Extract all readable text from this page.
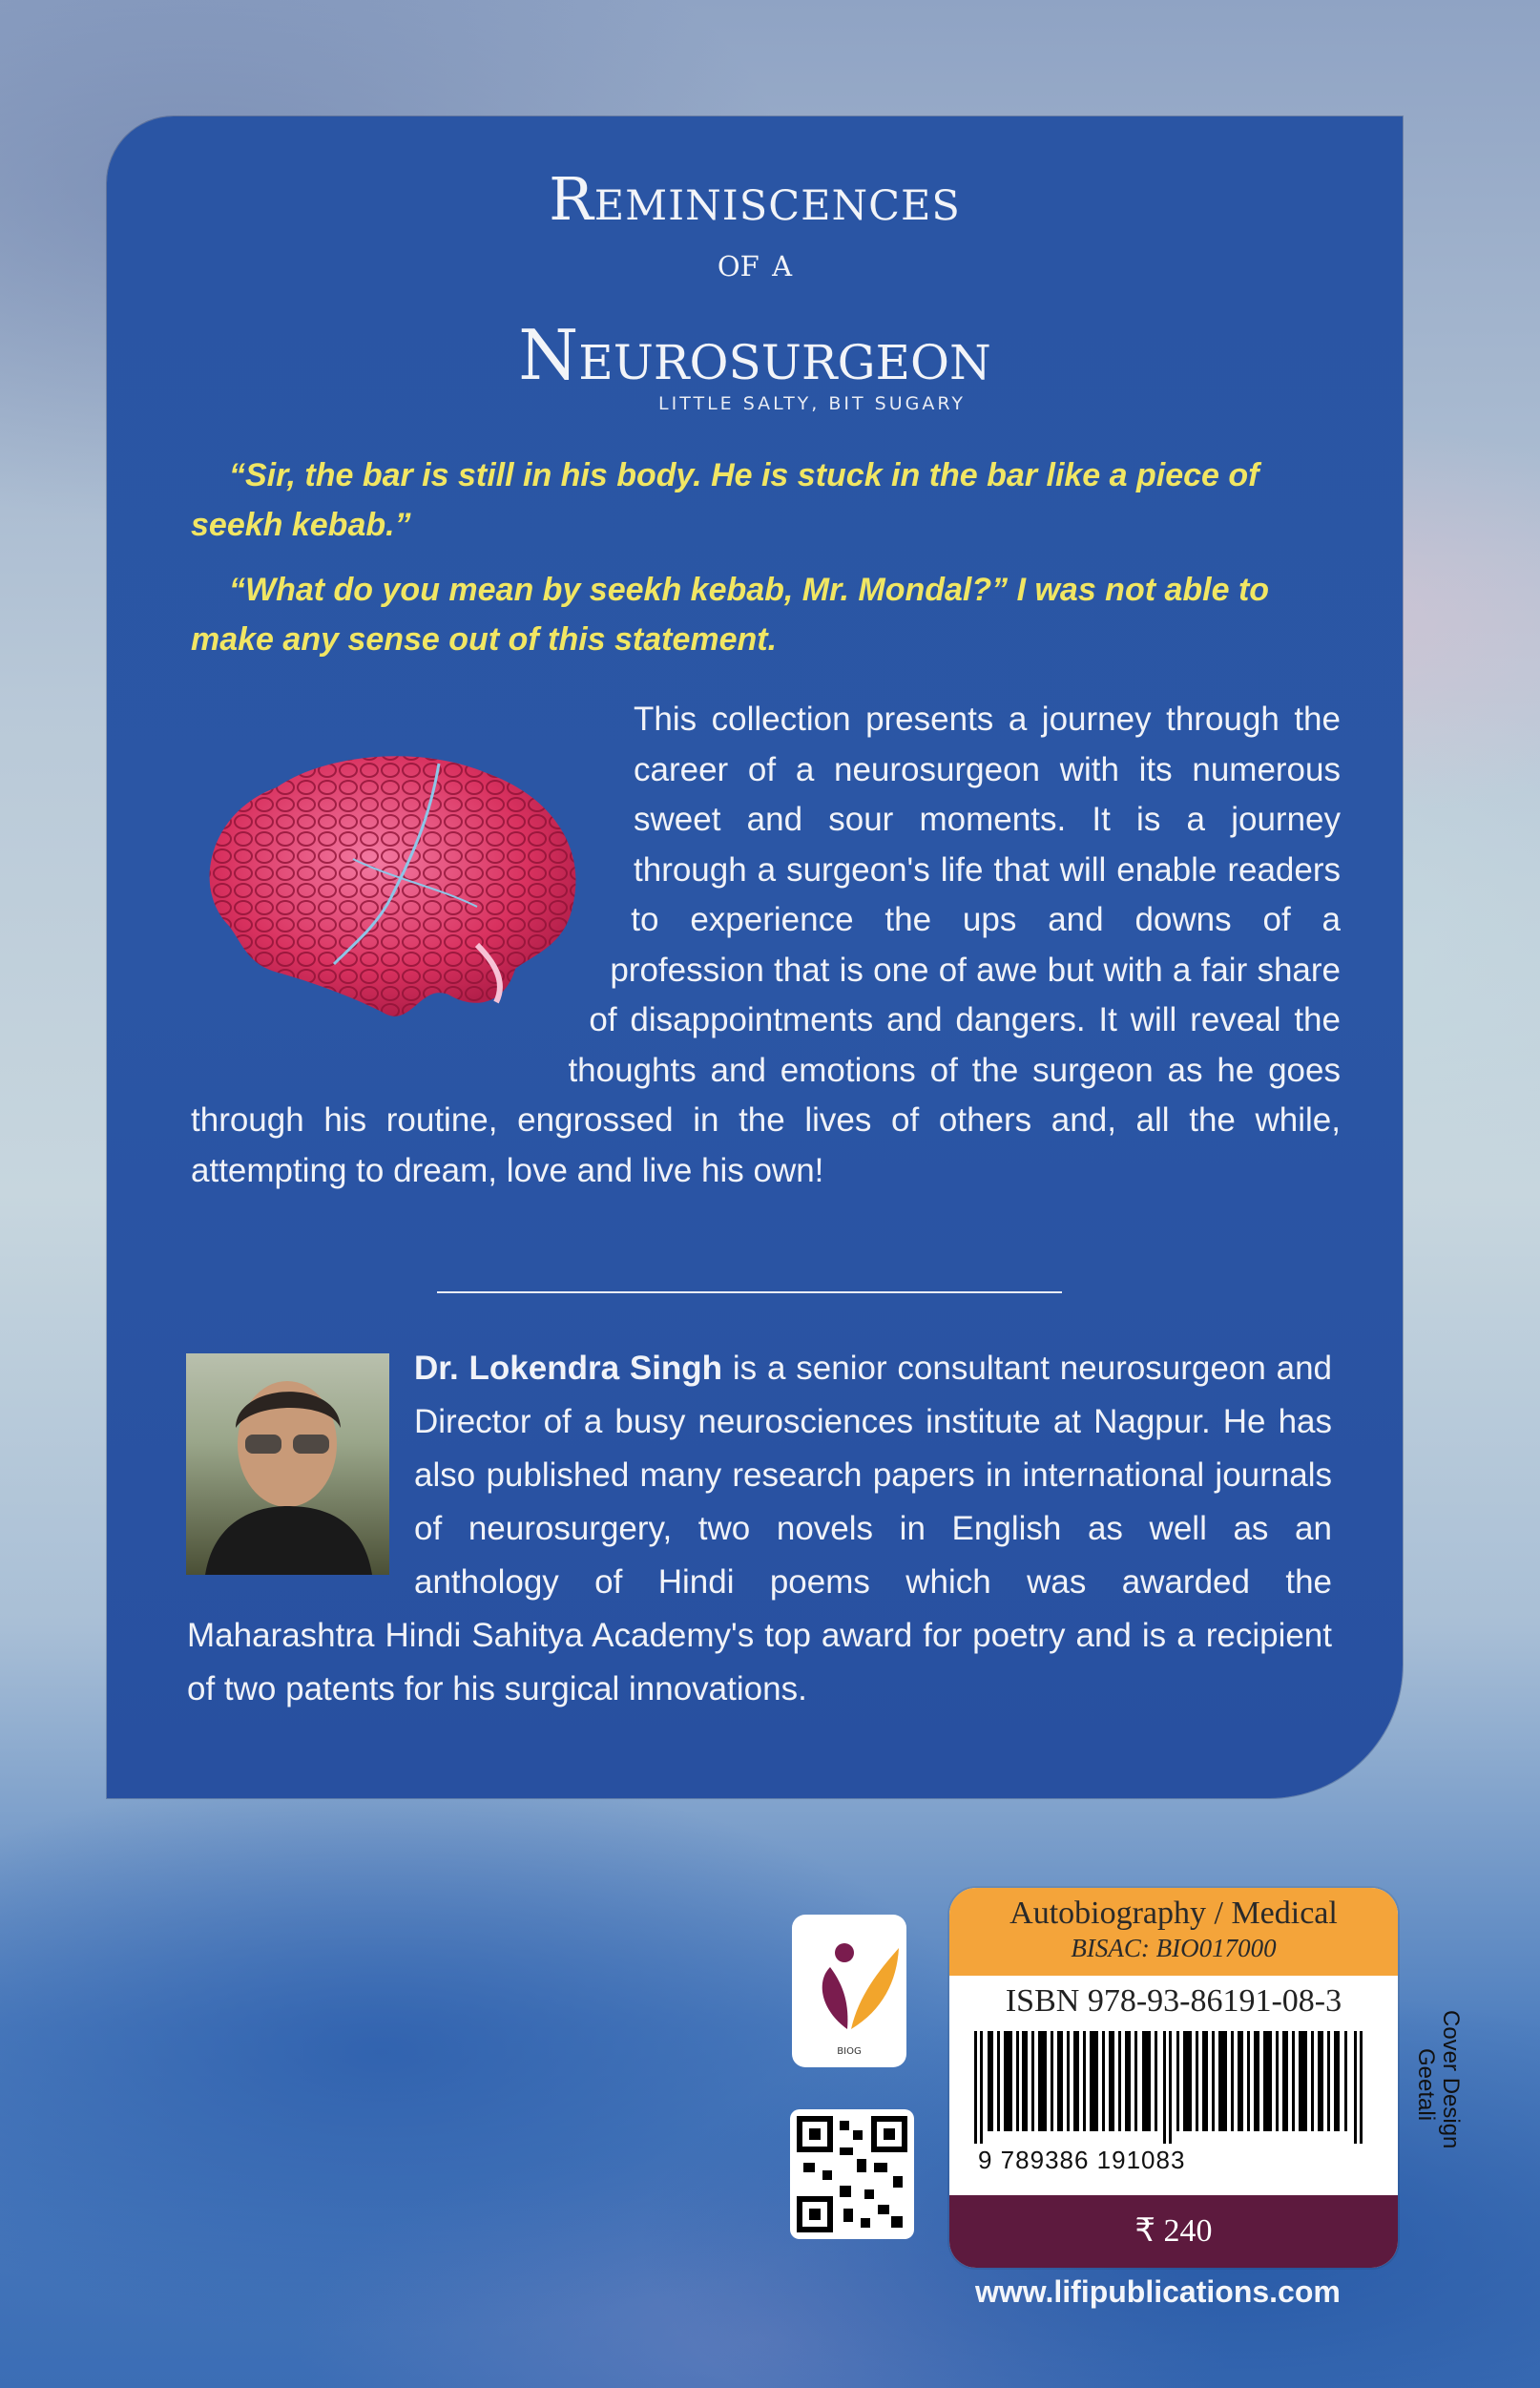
Reminiscences
of a
Neurosurgeon
LITTLE SALTY, BIT SUGARY
“Sir, the bar is still in his body. He is stuck in the bar like a piece of seekh kebab.”
“What do you mean by seekh kebab, Mr. Mondal?” I was not able to make any sense out of this statement.
This collection presents a journey through the career of a neurosurgeon with its numerous sweet and sour moments. It is a journey through a surgeon's life that will enable readers to experience the ups and downs of a profession that is one of awe but with a fair share of disappointments and dangers. It will reveal the thoughts and emotions of the surgeon as he goes through his routine, engrossed in the lives of others and, all the while, attempting to dream, love and live his own!
Dr. Lokendra Singh is a senior consultant neurosurgeon and Director of a busy neurosciences institute at Nagpur. He has also published many research papers in international journals of neurosurgery, two novels in English as well as an anthology of Hindi poems which was awarded the Maharashtra Hindi Sahitya Academy's top award for poetry and is a recipient of two patents for his surgical innovations.
BIOG
Autobiography / Medical
BISAC: BIO017000
ISBN 978-93-86191-08-3
9 789386 191083
₹ 240
Cover Design
Geetali
www.lifipublications.com
